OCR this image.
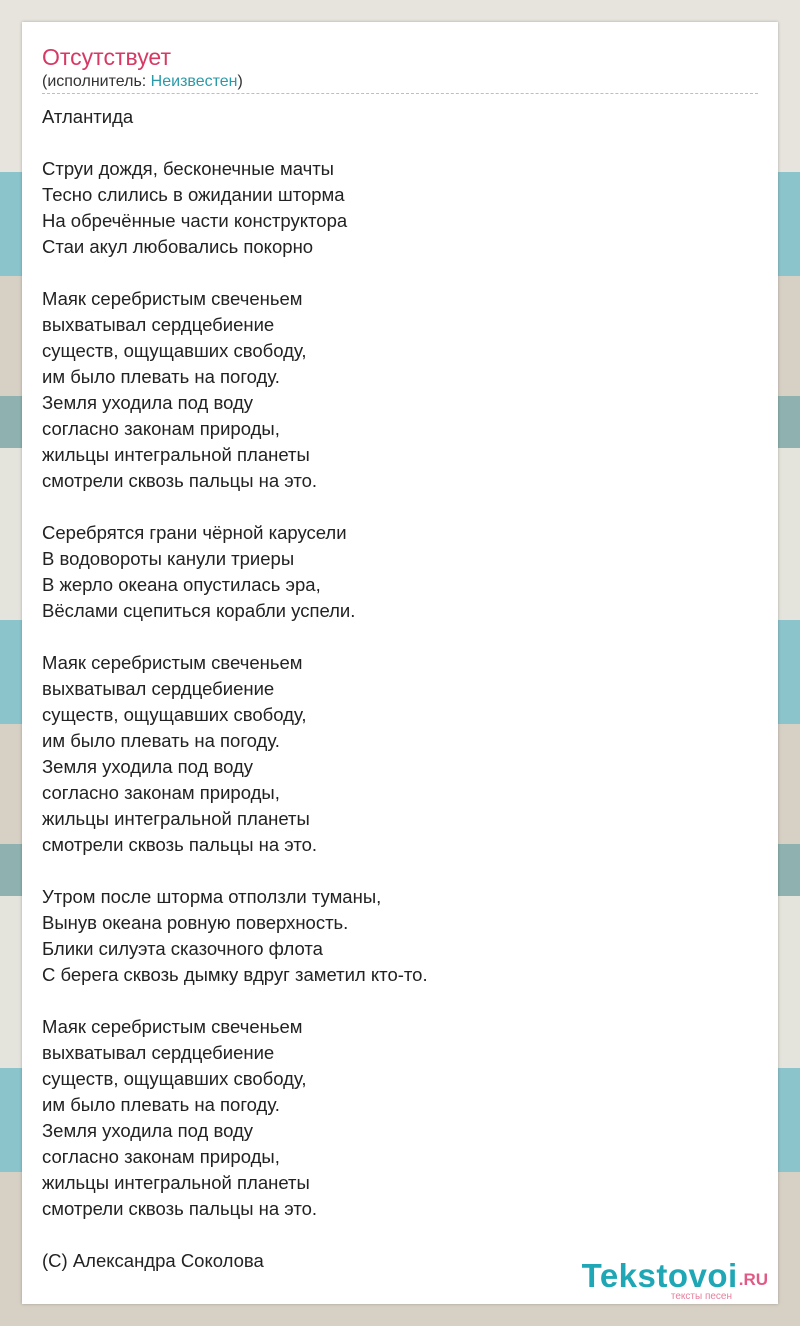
Отсутствует
(исполнитель: Неизвестен)
Атлантида
Струи дождя, бесконечные мачты
Тесно слились в ожидании шторма
На обречённые части конструктора
Стаи акул любовались покорно
Маяк серебристым свеченьем
выхватывал сердцебиение
существ, ощущавших свободу,
им было плевать на погоду.
Земля уходила под воду
согласно законам природы,
жильцы интегральной планеты
смотрели сквозь пальцы на это.
Серебрятся грани чёрной карусели
В водовороты канули триеры
В жерло океана опустилась эра,
Вёслами сцепиться корабли успели.
Маяк серебристым свеченьем
выхватывал сердцебиение
существ, ощущавших свободу,
им было плевать на погоду.
Земля уходила под воду
согласно законам природы,
жильцы интегральной планеты
смотрели сквозь пальцы на это.
Утром после шторма отползли туманы,
Вынув океана ровную поверхность.
Блики силуэта сказочного флота
С берега сквозь дымку вдруг заметил кто-то.
Маяк серебристым свеченьем
выхватывал сердцебиение
существ, ощущавших свободу,
им было плевать на погоду.
Земля уходила под воду
согласно законам природы,
жильцы интегральной планеты
смотрели сквозь пальцы на это.
(C) Александра Соколова	Tekstovoi.RU
тексты песен
